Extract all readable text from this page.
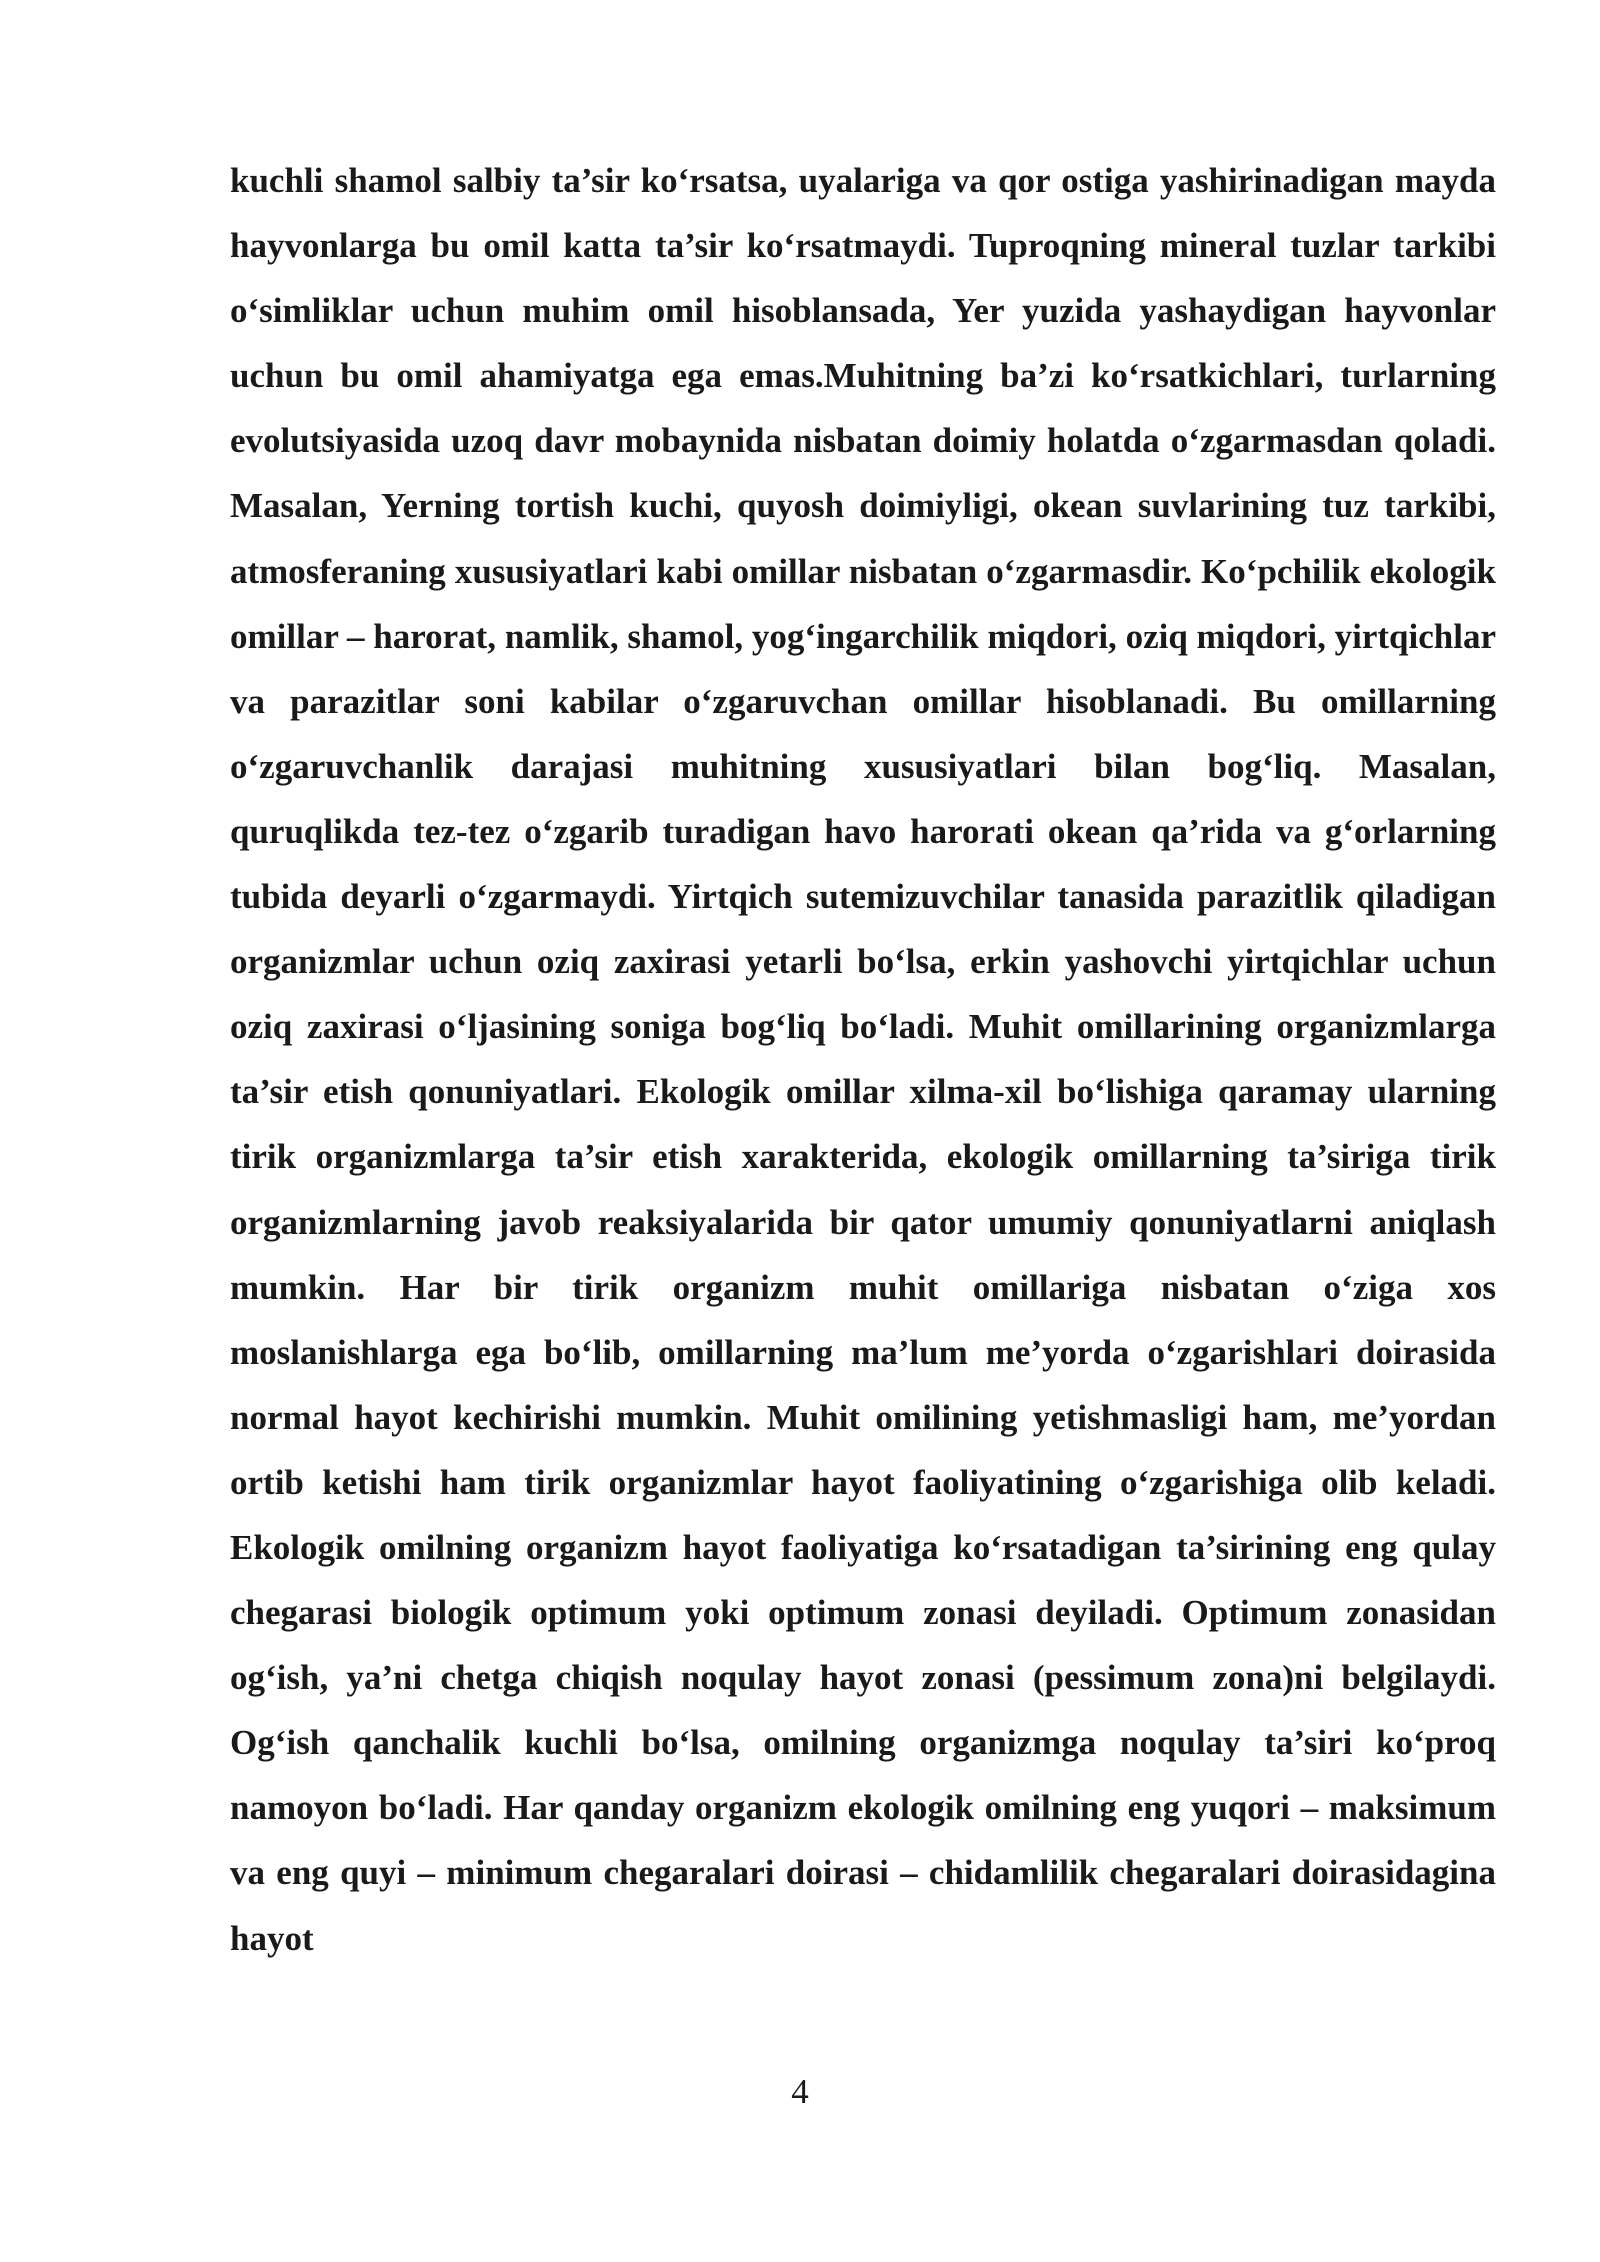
kuchli shamol salbiy ta’sir ko‘rsatsa, uyalariga va qor ostiga yashirinadigan mayda hayvonlarga bu omil katta ta’sir ko‘rsatmaydi. Tuproqning mineral tuzlar tarkibi o‘simliklar uchun muhim omil hisoblansada, Yer yuzida yashaydigan hayvonlar uchun bu omil ahamiyatga ega emas.Muhitning ba’zi ko‘rsatkichlari, turlarning evolutsiyasida uzoq davr mobaynida nisbatan doimiy holatda o‘zgarmasdan qoladi. Masalan, Yerning tortish kuchi, quyosh doimiyligi, okean suvlarining tuz tarkibi, atmosferaning xususiyatlari kabi omillar nisbatan o‘zgarmasdir. Ko‘pchilik ekologik omillar – harorat, namlik, shamol, yog‘ingarchilik miqdori, oziq miqdori, yirtqichlar va parazitlar soni kabilar o‘zgaruvchan omillar hisoblanadi. Bu omillarning o‘zgaruvchanlik darajasi muhitning xususiyatlari bilan bog‘liq. Masalan, quruqlikda tez-tez o‘zgarib turadigan havo harorati okean qa’rida va g‘orlarning tubida deyarli o‘zgarmaydi. Yirtqich sutemizuvchilar tanasida parazitlik qiladigan organizmlar uchun oziq zaxirasi yetarli bo‘lsa, erkin yashovchi yirtqichlar uchun oziq zaxirasi o‘ljasining soniga bog‘liq bo‘ladi. Muhit omillarining organizmlarga ta’sir etish qonuniyatlari. Ekologik omillar xilma-xil bo‘lishiga qaramay ularning tirik organizmlarga ta’sir etish xarakterida, ekologik omillarning ta’siriga tirik organizmlarning javob reaksiyalarida bir qator umumiy qonuniyatlarni aniqlash mumkin. Har bir tirik organizm muhit omillariga nisbatan o‘ziga xos moslanishlarga ega bo‘lib, omillarning ma’lum me’yorda o‘zgarishlari doirasida normal hayot kechirishi mumkin. Muhit omilining yetishmasligi ham, me’yordan ortib ketishi ham tirik organizmlar hayot faoliyatining o‘zgarishiga olib keladi. Ekologik omilning organizm hayot faoliyatiga ko‘rsatadigan ta’sirining eng qulay chegarasi biologik optimum yoki optimum zonasi deyiladi. Optimum zonasidan og‘ish, ya’ni chetga chiqish noqulay hayot zonasi (pessimum zona)ni belgilaydi. Og‘ish qanchalik kuchli bo‘lsa, omilning organizmga noqulay ta’siri ko‘proq namoyon bo‘ladi. Har qanday organizm ekologik omilning eng yuqori – maksimum va eng quyi – minimum chegaralari doirasi – chidamlilik chegaralari doirasidagina hayot

4
